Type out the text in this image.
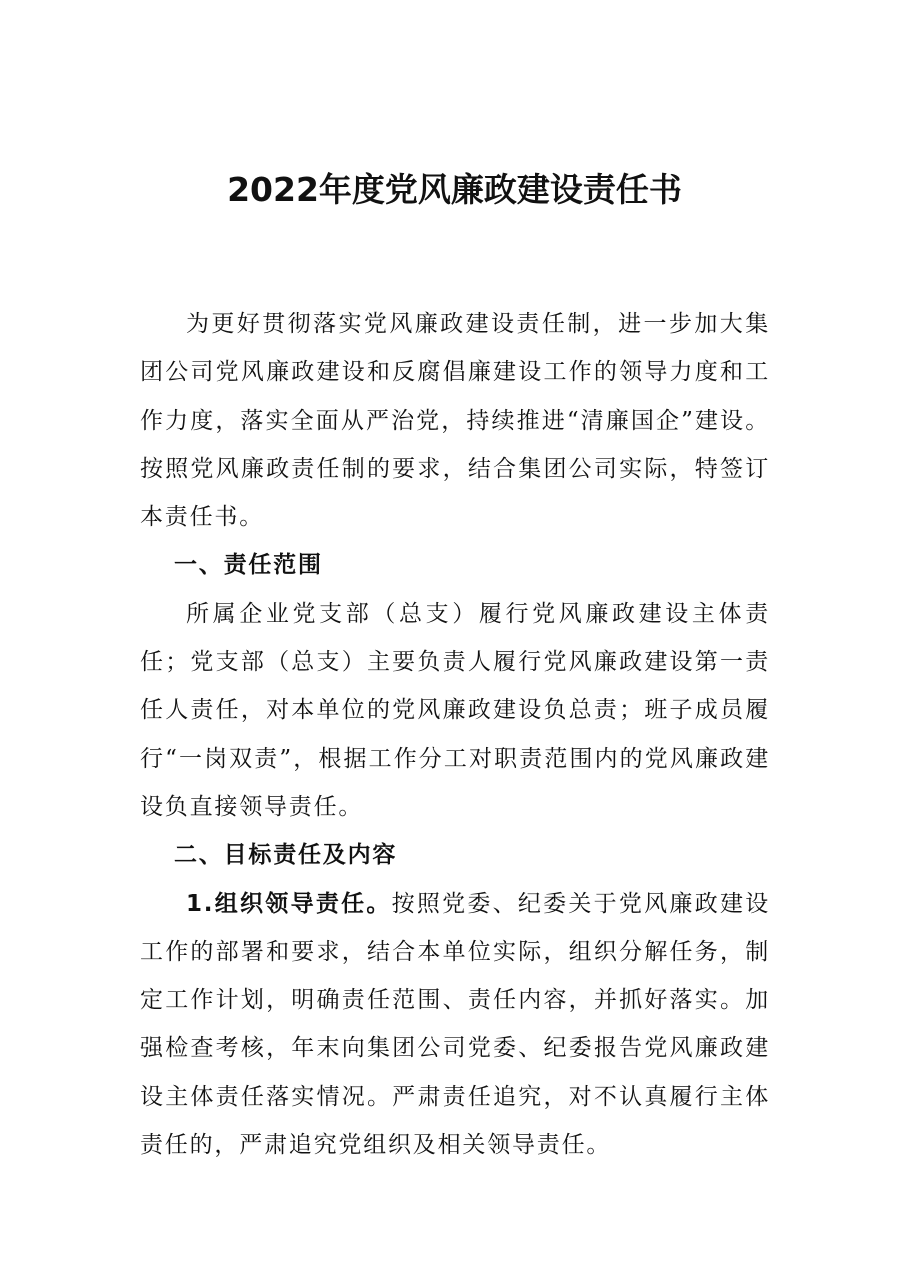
2022年度党风廉政建设责任书

为更好贯彻落实党风廉政建设责任制，进一步加大集团公司党风廉政建设和反腐倡廉建设工作的领导力度和工作力度，落实全面从严治党，持续推进“清廉国企”建设。按照党风廉政责任制的要求，结合集团公司实际，特签订本责任书。

一、责任范围

所属企业党支部（总支）履行党风廉政建设主体责任；党支部（总支）主要负责人履行党风廉政建设第一责任人责任，对本单位的党风廉政建设负总责；班子成员履行“一岗双责”，根据工作分工对职责范围内的党风廉政建设负直接领导责任。

二、目标责任及内容

1.组织领导责任。按照党委、纪委关于党风廉政建设工作的部署和要求，结合本单位实际，组织分解任务，制定工作计划，明确责任范围、责任内容，并抓好落实。加强检查考核，年末向集团公司党委、纪委报告党风廉政建设主体责任落实情况。严肃责任追究，对不认真履行主体责任的，严肃追究党组织及相关领导责任。
